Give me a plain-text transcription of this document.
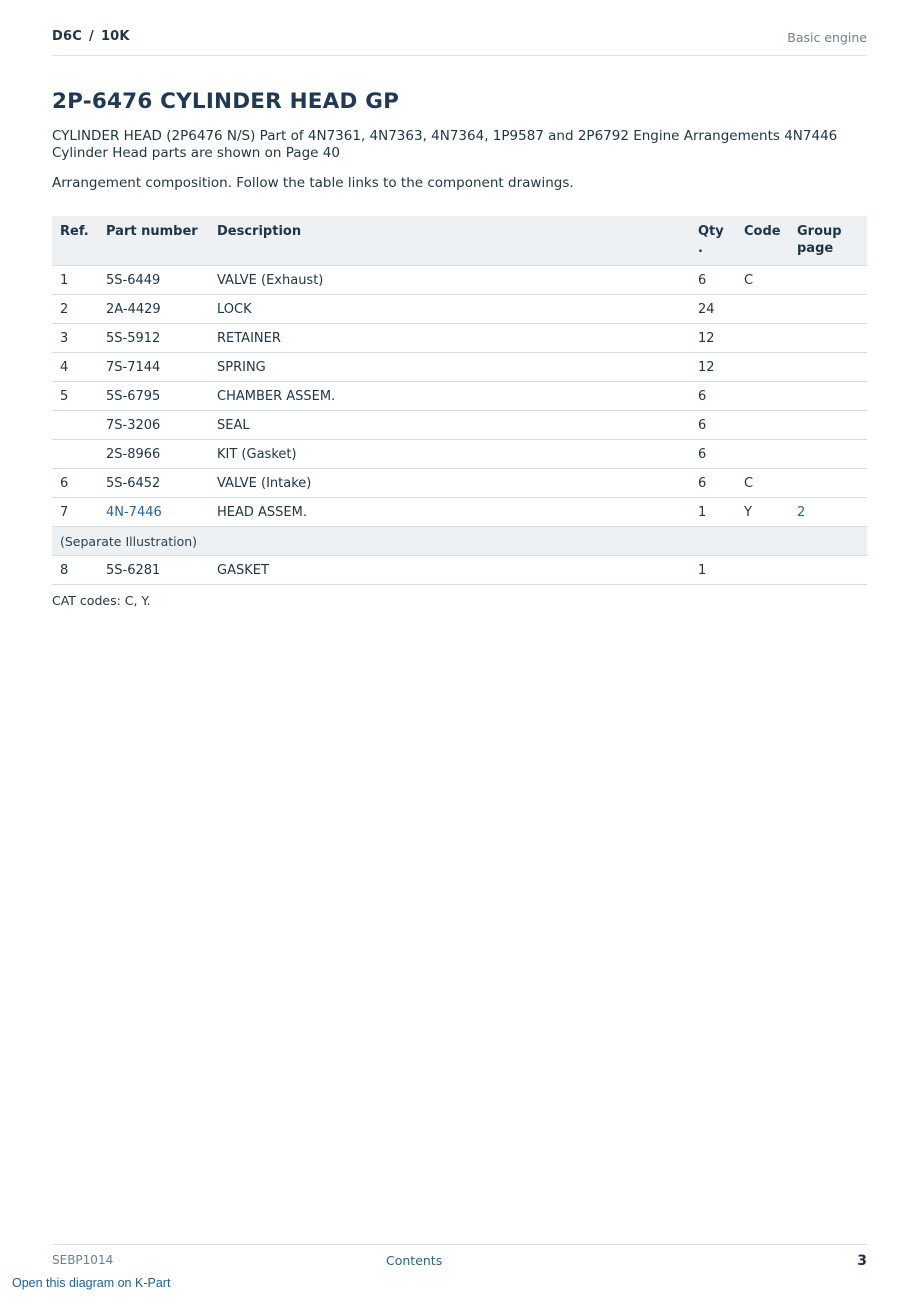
D6C / 10K	Basic engine
2P-6476 CYLINDER HEAD GP

CYLINDER HEAD (2P6476 N/S) Part of 4N7361, 4N7363, 4N7364, 1P9587 and 2P6792 Engine Arrangements 4N7446 Cylinder Head parts are shown on Page 40

Arrangement composition. Follow the table links to the component drawings.

Ref.	Part number	Description	Qty .	Code	Group page
1	5S-6449	VALVE (Exhaust)	6	C	
2	2A-4429	LOCK	24		
3	5S-5912	RETAINER	12		
4	7S-7144	SPRING	12		
5	5S-6795	CHAMBER ASSEM.	6		
	7S-3206	SEAL	6		
	2S-8966	KIT (Gasket)	6		
6	5S-6452	VALVE (Intake)	6	C	
7	4N-7446	HEAD ASSEM.	1	Y	2
(Separate Illustration)					
8	5S-6281	GASKET	1		

CAT codes: C, Y.

SEBP1014	Contents	3
Open this diagram on K-Part
